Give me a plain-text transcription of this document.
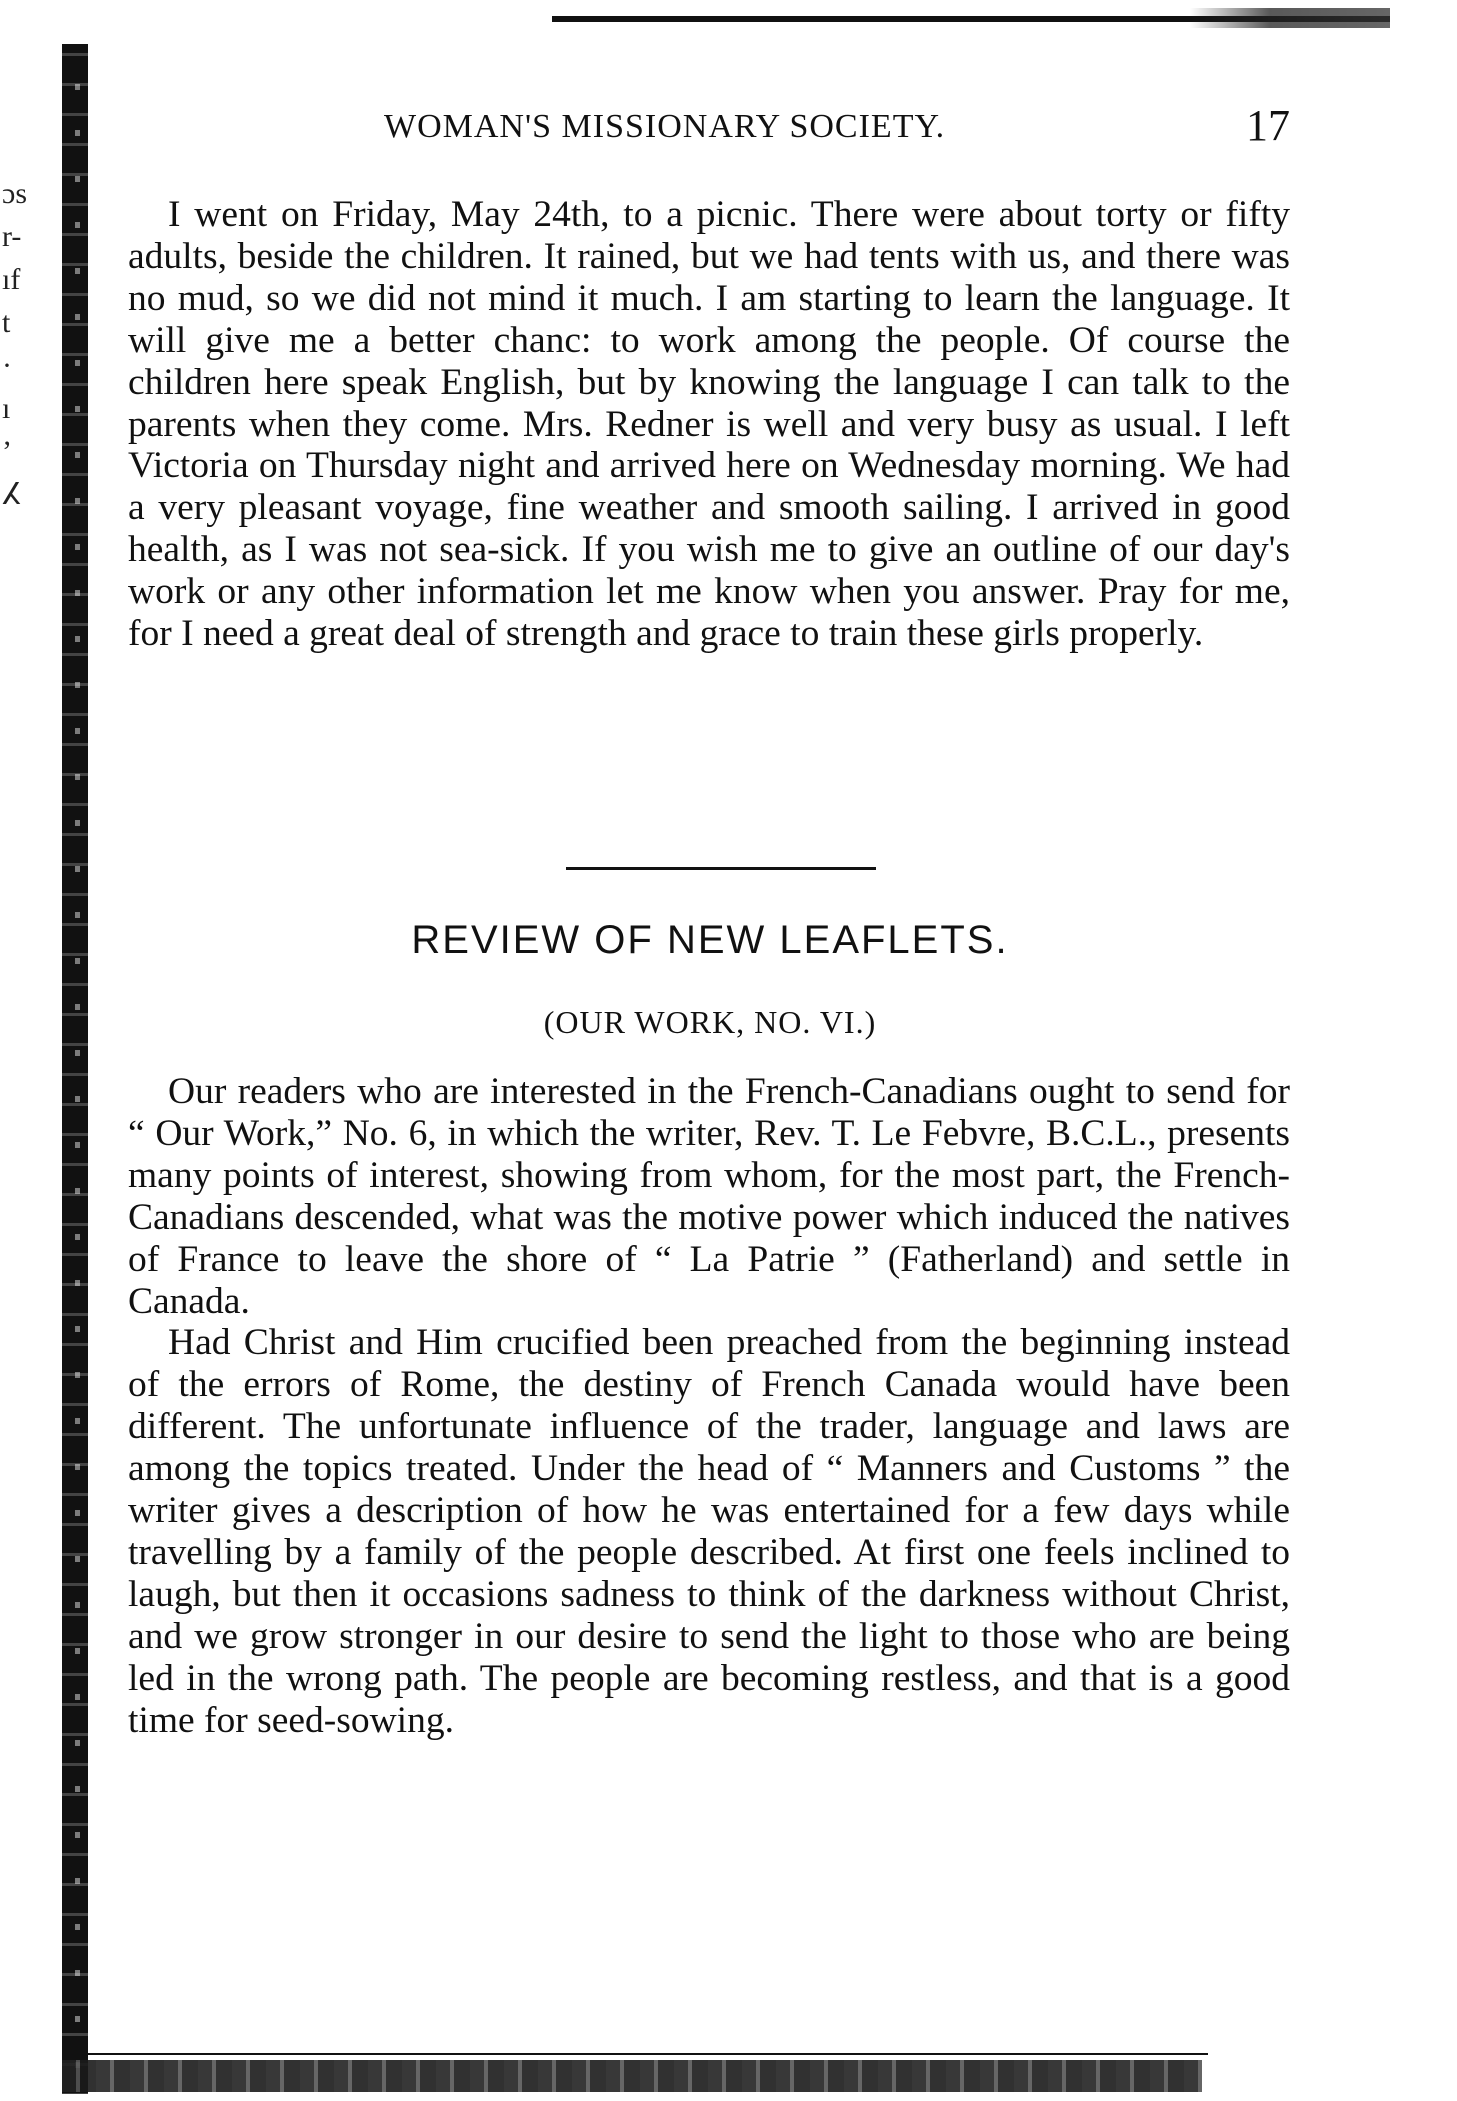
ɔs
r-
ıf
t
·
ı
’
ⵃ
WOMAN'S MISSIONARY SOCIETY.	17

I went on Friday, May 24th, to a picnic. There were about torty or fifty adults, beside the children. It rained, but we had tents with us, and there was no mud, so we did not mind it much. I am starting to learn the language. It will give me a better chanc: to work among the people. Of course the children here speak English, but by knowing the language I can talk to the parents when they come. Mrs. Redner is well and very busy as usual. I left Victoria on Thursday night and arrived here on Wednesday morning. We had a very pleasant voyage, fine weather and smooth sailing. I arrived in good health, as I was not sea-sick. If you wish me to give an outline of our day's work or any other information let me know when you answer. Pray for me, for I need a great deal of strength and grace to train these girls properly.

REVIEW OF NEW LEAFLETS.
(OUR WORK, NO. VI.)

Our readers who are interested in the French-Canadians ought to send for “ Our Work,” No. 6, in which the writer, Rev. T. Le Febvre, B.C.L., presents many points of interest, showing from whom, for the most part, the French-Canadians descended, what was the motive power which induced the natives of France to leave the shore of “ La Patrie ” (Fatherland) and settle in Canada.

Had Christ and Him crucified been preached from the beginning instead of the errors of Rome, the destiny of French Canada would have been different. The unfortunate influence of the trader, language and laws are among the topics treated. Under the head of “ Manners and Customs ” the writer gives a description of how he was entertained for a few days while travelling by a family of the people described. At first one feels inclined to laugh, but then it occasions sadness to think of the darkness without Christ, and we grow stronger in our desire to send the light to those who are being led in the wrong path. The people are becoming restless, and that is a good time for seed-sowing.
